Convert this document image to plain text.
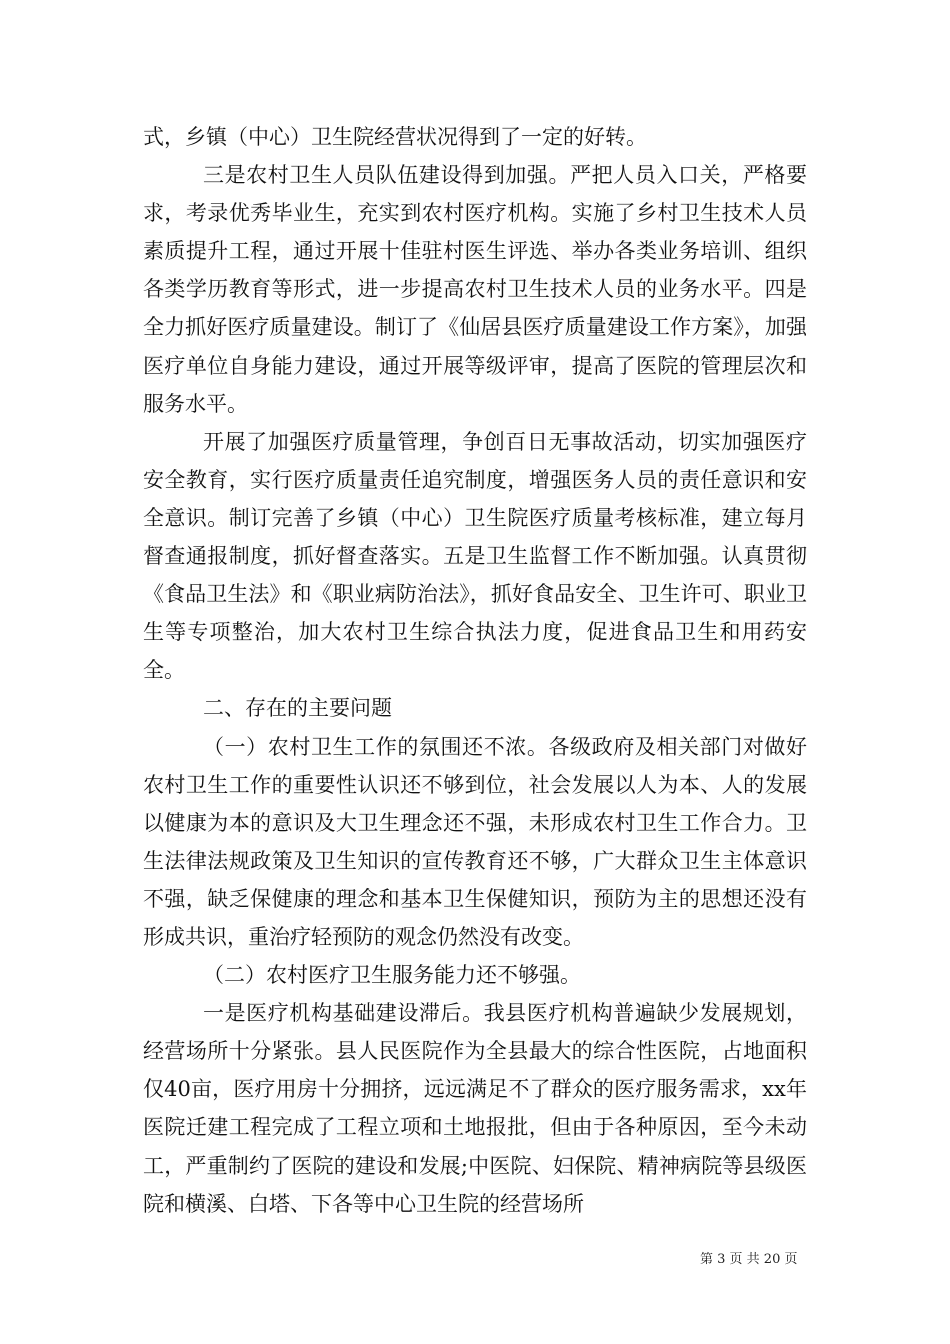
式，乡镇（中心）卫生院经营状况得到了一定的好转。

三是农村卫生人员队伍建设得到加强。严把人员入口关，严格要求，考录优秀毕业生，充实到农村医疗机构。实施了乡村卫生技术人员素质提升工程，通过开展十佳驻村医生评选、举办各类业务培训、组织各类学历教育等形式，进一步提高农村卫生技术人员的业务水平。四是全力抓好医疗质量建设。制订了《仙居县医疗质量建设工作方案》，加强医疗单位自身能力建设，通过开展等级评审，提高了医院的管理层次和服务水平。

开展了加强医疗质量管理，争创百日无事故活动，切实加强医疗安全教育，实行医疗质量责任追究制度，增强医务人员的责任意识和安全意识。制订完善了乡镇（中心）卫生院医疗质量考核标准，建立每月督查通报制度，抓好督查落实。五是卫生监督工作不断加强。认真贯彻《食品卫生法》和《职业病防治法》，抓好食品安全、卫生许可、职业卫生等专项整治，加大农村卫生综合执法力度，促进食品卫生和用药安全。

二、存在的主要问题

（一）农村卫生工作的氛围还不浓。各级政府及相关部门对做好农村卫生工作的重要性认识还不够到位，社会发展以人为本、人的发展以健康为本的意识及大卫生理念还不强，未形成农村卫生工作合力。卫生法律法规政策及卫生知识的宣传教育还不够，广大群众卫生主体意识不强，缺乏保健康的理念和基本卫生保健知识，预防为主的思想还没有形成共识，重治疗轻预防的观念仍然没有改变。

（二）农村医疗卫生服务能力还不够强。

一是医疗机构基础建设滞后。我县医疗机构普遍缺少发展规划，经营场所十分紧张。县人民医院作为全县最大的综合性医院，占地面积仅40亩，医疗用房十分拥挤，远远满足不了群众的医疗服务需求，xx年医院迁建工程完成了工程立项和土地报批，但由于各种原因，至今未动工，严重制约了医院的建设和发展;中医院、妇保院、精神病院等县级医院和横溪、白塔、下各等中心卫生院的经营场所

第 3 页 共 20 页
